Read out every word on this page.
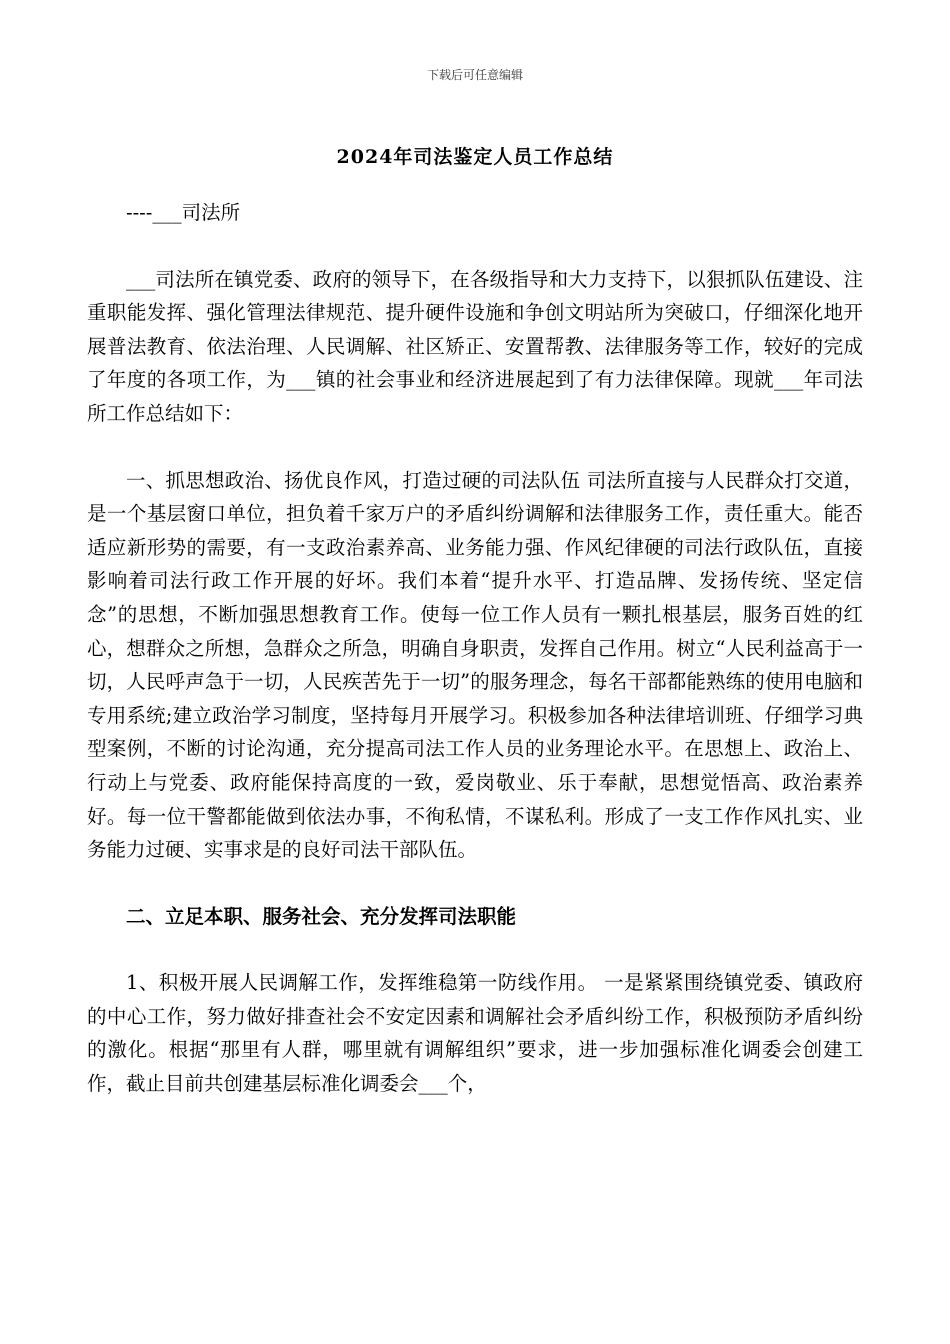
下载后可任意编辑
2024年司法鉴定人员工作总结

----___司法所

___司法所在镇党委、政府的领导下，在各级指导和大力支持下，以狠抓队伍建设、注重职能发挥、强化管理法律规范、提升硬件设施和争创文明站所为突破口，仔细深化地开展普法教育、依法治理、人民调解、社区矫正、安置帮教、法律服务等工作，较好的完成了年度的各项工作，为___镇的社会事业和经济进展起到了有力法律保障。现就___年司法所工作总结如下：

一、抓思想政治、扬优良作风，打造过硬的司法队伍 司法所直接与人民群众打交道，是一个基层窗口单位，担负着千家万户的矛盾纠纷调解和法律服务工作，责任重大。能否适应新形势的需要，有一支政治素养高、业务能力强、作风纪律硬的司法行政队伍，直接影响着司法行政工作开展的好坏。我们本着“提升水平、打造品牌、发扬传统、坚定信念”的思想，不断加强思想教育工作。使每一位工作人员有一颗扎根基层，服务百姓的红心，想群众之所想，急群众之所急，明确自身职责，发挥自己作用。树立“人民利益高于一切，人民呼声急于一切，人民疾苦先于一切”的服务理念，每名干部都能熟练的使用电脑和专用系统;建立政治学习制度，坚持每月开展学习。积极参加各种法律培训班、仔细学习典型案例，不断的讨论沟通，充分提高司法工作人员的业务理论水平。在思想上、政治上、行动上与党委、政府能保持高度的一致，爱岗敬业、乐于奉献，思想觉悟高、政治素养好。每一位干警都能做到依法办事，不徇私情，不谋私利。形成了一支工作作风扎实、业务能力过硬、实事求是的良好司法干部队伍。

二、立足本职、服务社会、充分发挥司法职能

1、积极开展人民调解工作，发挥维稳第一防线作用。 一是紧紧围绕镇党委、镇政府的中心工作，努力做好排查社会不安定因素和调解社会矛盾纠纷工作，积极预防矛盾纠纷的激化。根据“那里有人群，哪里就有调解组织”要求，进一步加强标准化调委会创建工作，截止目前共创建基层标准化调委会___个，
